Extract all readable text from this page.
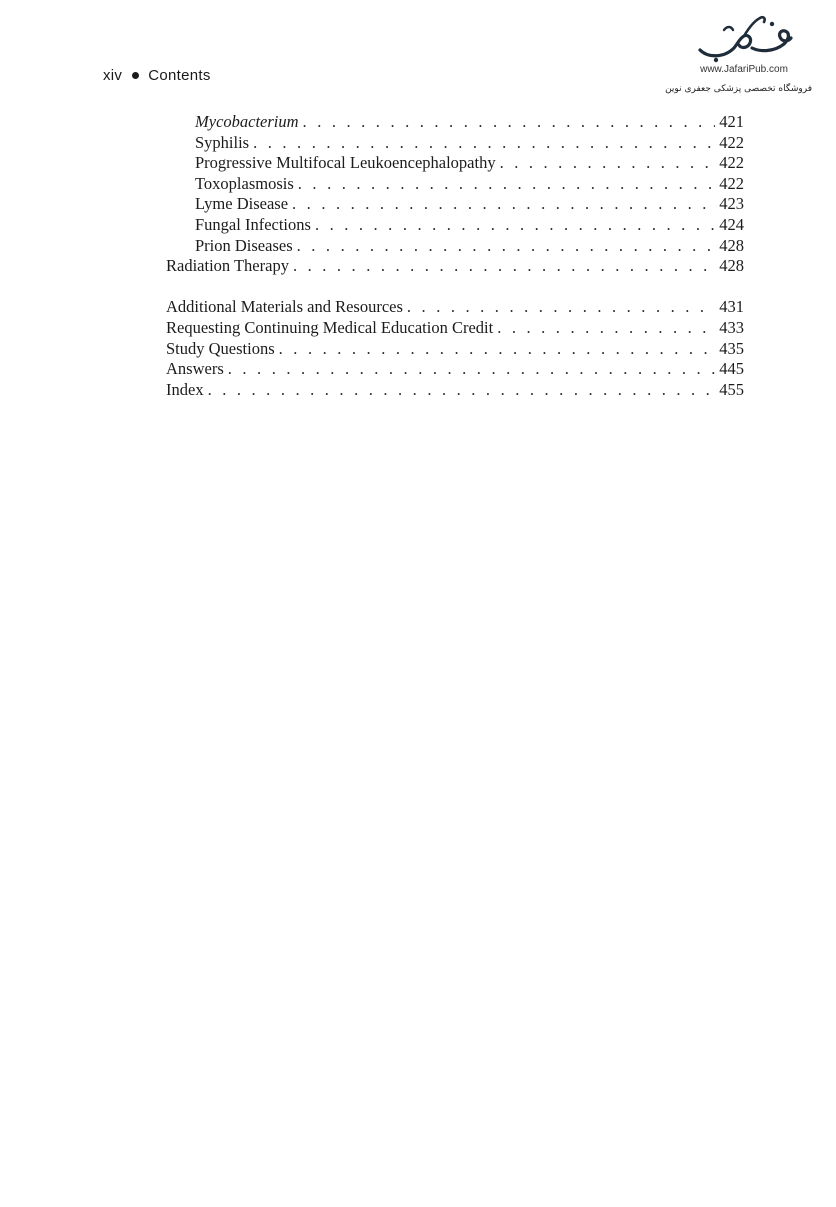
xiv Contents	www.JafariPub.com
فروشگاه تخصصی پزشکی جعفری نوین
Mycobacterium . . .	421
Syphilis . . .	422
Progressive Multifocal Leukoencephalopathy . . .	422
Toxoplasmosis . . .	422
Lyme Disease . . .	423
Fungal Infections . . .	424
Prion Diseases . . .	428
Radiation Therapy . . .	428
Additional Materials and Resources . . .	431
Requesting Continuing Medical Education Credit . . .	433
Study Questions . . .	435
Answers . . .	445
Index . . .	455
